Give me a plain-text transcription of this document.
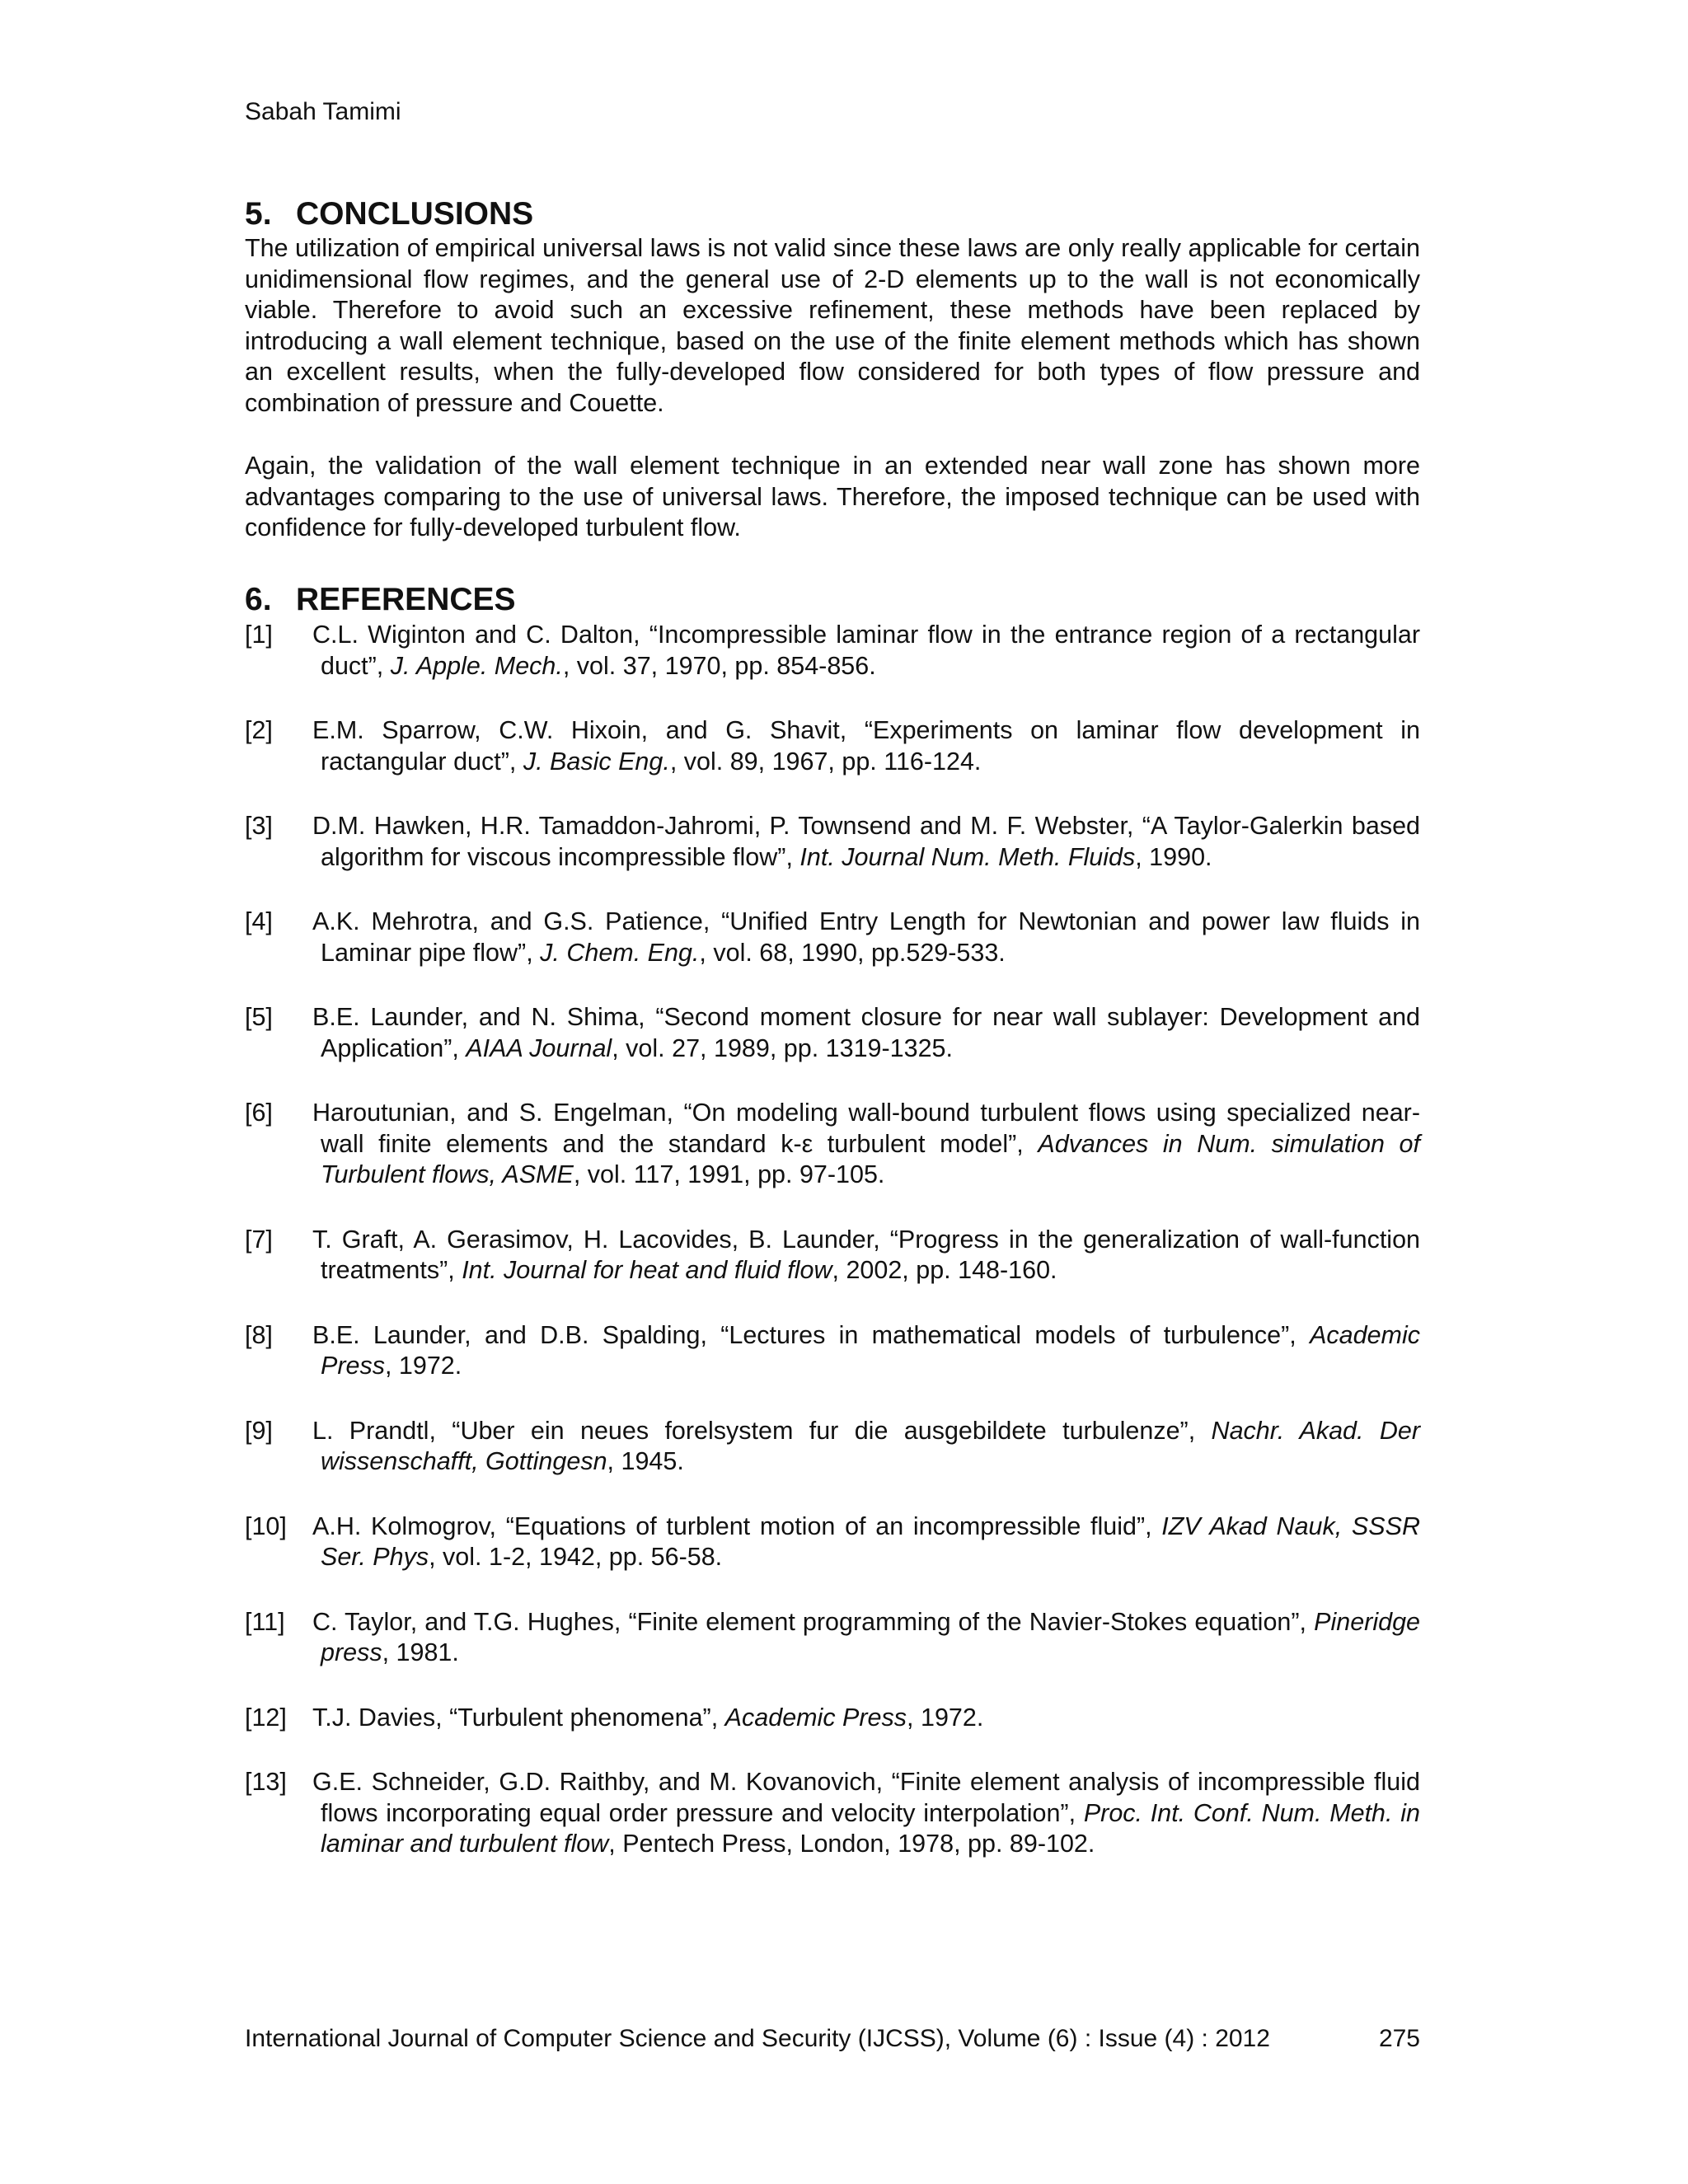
Sabah Tamimi
5. CONCLUSIONS

The utilization of empirical universal laws is not valid since these laws are only really applicable for certain unidimensional flow regimes, and the general use of 2-D elements up to the wall is not economically viable. Therefore to avoid such an excessive refinement, these methods have been replaced by introducing a wall element technique, based on the use of the finite element methods which has shown an excellent results, when the fully-developed flow considered for both types of flow pressure and combination of pressure and Couette.

Again, the validation of the wall element technique in an extended near wall zone has shown more advantages comparing to the use of universal laws. Therefore, the imposed technique can be used with confidence for fully-developed turbulent flow.

6. REFERENCES
[1]	C.L. Wiginton and C. Dalton, “Incompressible laminar flow in the entrance region of a rectangular duct”, J. Apple. Mech., vol. 37, 1970, pp. 854-856.
[2]	E.M. Sparrow, C.W. Hixoin, and G. Shavit, “Experiments on laminar flow development in ractangular duct”, J. Basic Eng., vol. 89, 1967, pp. 116-124.
[3]	D.M. Hawken, H.R. Tamaddon-Jahromi, P. Townsend and M. F. Webster, “A Taylor-Galerkin based algorithm for viscous incompressible flow”, Int. Journal Num. Meth. Fluids, 1990.
[4]	A.K. Mehrotra, and G.S. Patience, “Unified Entry Length for Newtonian and power law fluids in Laminar pipe flow”, J. Chem. Eng., vol. 68, 1990, pp.529-533.
[5]	B.E. Launder, and N. Shima, “Second moment closure for near wall sublayer: Development and Application”, AIAA Journal, vol. 27, 1989, pp. 1319-1325.
[6]	Haroutunian, and S. Engelman, “On modeling wall-bound turbulent flows using specialized near-wall finite elements and the standard k-ε turbulent model”, Advances in Num. simulation of Turbulent flows, ASME, vol. 117, 1991, pp. 97-105.
[7]	T. Graft, A. Gerasimov, H. Lacovides, B. Launder, “Progress in the generalization of wall-function treatments”, Int. Journal for heat and fluid flow, 2002, pp. 148-160.
[8]	B.E. Launder, and D.B. Spalding, “Lectures in mathematical models of turbulence”, Academic Press, 1972.
[9]	L. Prandtl, “Uber ein neues forelsystem fur die ausgebildete turbulenze”, Nachr. Akad. Der wissenschafft, Gottingesn, 1945.
[10]	A.H. Kolmogrov, “Equations of turblent motion of an incompressible fluid”, IZV Akad Nauk, SSSR Ser. Phys, vol. 1-2, 1942, pp. 56-58.
[11]	C. Taylor, and T.G. Hughes, “Finite element programming of the Navier-Stokes equation”, Pineridge press, 1981.
[12]	T.J. Davies, “Turbulent phenomena”, Academic Press, 1972.
[13]	G.E. Schneider, G.D. Raithby, and M. Kovanovich, “Finite element analysis of incompressible fluid flows incorporating equal order pressure and velocity interpolation”, Proc. Int. Conf. Num. Meth. in laminar and turbulent flow, Pentech Press, London, 1978, pp. 89-102.
International Journal of Computer Science and Security (IJCSS), Volume (6) : Issue (4) : 2012	275
